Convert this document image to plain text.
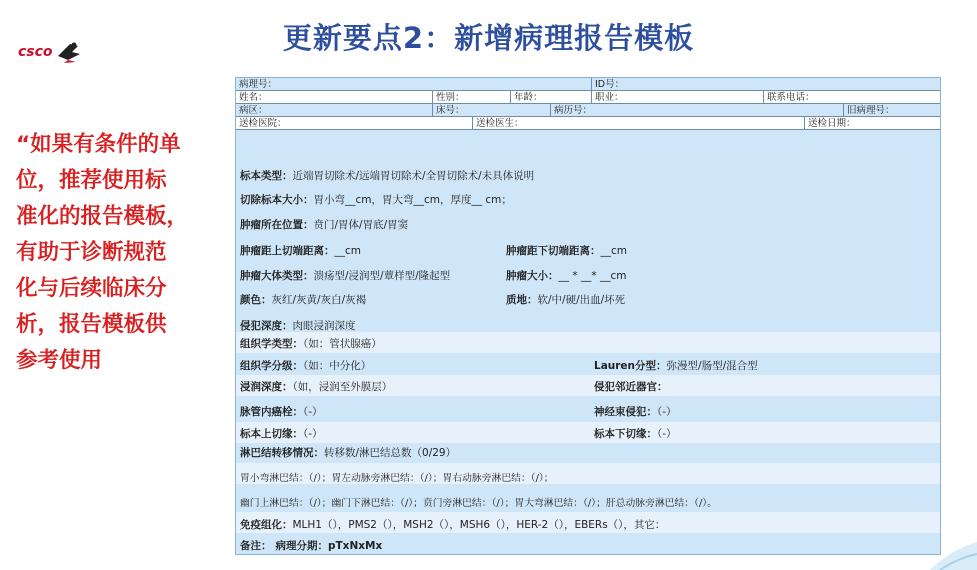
更新要点2：新增病理报告模板
csco
“如果有条件的单
位，推荐使用标
准化的报告模板，
有助于诊断规范
化与后续临床分
析，报告模板供
参考使用
病理号：	ID号：
姓名：	性别：	年龄：	职业：	联系电话：
病区：	床号：	病历号：	旧病理号：
送检医院：	送检医生：	送检日期：
标本类型：近端胃切除术/远端胃切除术/全胃切除术/未具体说明
切除标本大小：胃小弯__cm，胃大弯__cm，厚度__ cm；
肿瘤所在位置：贲门/胃体/胃底/胃窦
肿瘤距上切端距离：__cm	肿瘤距下切端距离：__cm
肿瘤大体类型：溃疡型/浸润型/蕈样型/隆起型	肿瘤大小：__ * __* __cm
颜色：灰红/灰黄/灰白/灰褐	质地：软/中/硬/出血/坏死
侵犯深度：肉眼浸润深度
组织学类型：（如：管状腺癌）
组织学分级：（如：中分化）	Lauren分型：弥漫型/肠型/混合型
浸润深度：（如，浸润至外膜层）	侵犯邻近器官：
脉管内癌栓：（-）	神经束侵犯：（-）
标本上切缘：（-）	标本下切缘：（-）
淋巴结转移情况：转移数/淋巴结总数（0/29）
胃小弯淋巴结：（/）；胃左动脉旁淋巴结：（/）；胃右动脉旁淋巴结：（/）；
幽门上淋巴结：（/）；幽门下淋巴结：（/）；贲门旁淋巴结：（/）；胃大弯淋巴结：（/）；肝总动脉旁淋巴结：（/）。
免疫组化：MLH1（），PMS2（），MSH2（），MSH6（），HER-2（），EBERs（），其它：
备注： 病理分期：pTxNxMx
